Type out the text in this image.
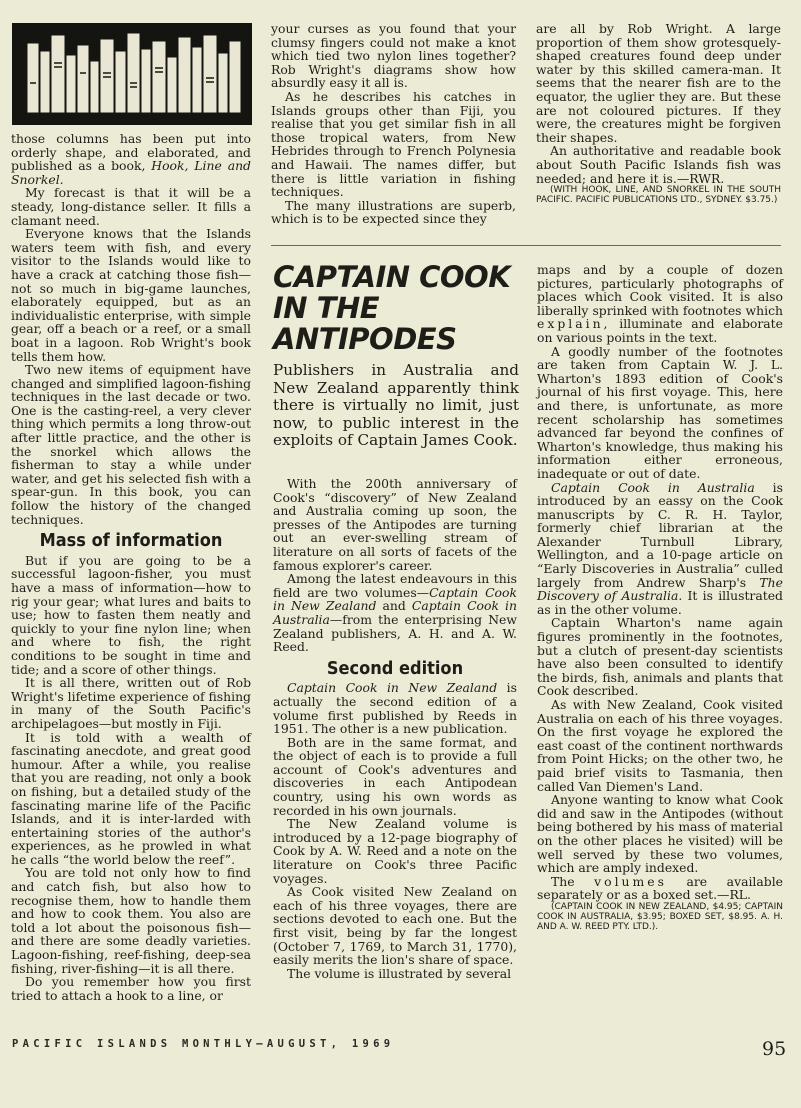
those columns has been put into orderly shape, and elaborated, and published as a book, Hook, Line and Snorkel.

My forecast is that it will be a steady, long-distance seller. It fills a clamant need.

Everyone knows that the Islands waters teem with fish, and every visitor to the Islands would like to have a crack at catching those fish—not so much in big-game launches, elaborately equipped, but as an individualistic enterprise, with simple gear, off a beach or a reef, or a small boat in a lagoon. Rob Wright's book tells them how.

Two new items of equipment have changed and simplified lagoon-fishing techniques in the last decade or two. One is the casting-reel, a very clever thing which permits a long throw-out after little practice, and the other is the snorkel which allows the fisherman to stay a while under water, and get his selected fish with a spear-gun. In this book, you can follow the history of the changed techniques.

Mass of information

But if you are going to be a successful lagoon-fisher, you must have a mass of information—how to rig your gear; what lures and baits to use; how to fasten them neatly and quickly to your fine nylon line; when and where to fish, the right conditions to be sought in time and tide; and a score of other things.

It is all there, written out of Rob Wright's lifetime experience of fishing in many of the South Pacific's archipelagoes—but mostly in Fiji.

It is told with a wealth of fascinating anecdote, and great good humour. After a while, you realise that you are reading, not only a book on fishing, but a detailed study of the fascinating marine life of the Pacific Islands, and it is inter-larded with entertaining stories of the author's experiences, as he prowled in what he calls “the world below the reef”.

You are told not only how to find and catch fish, but also how to recognise them, how to handle them and how to cook them. You also are told a lot about the poisonous fish—and there are some deadly varieties. Lagoon-fishing, reef-fishing, deep-sea fishing, river-fishing—it is all there.

Do you remember how you first tried to attach a hook to a line, or

your curses as you found that your clumsy fingers could not make a knot which tied two nylon lines together? Rob Wright's diagrams show how absurdly easy it all is.

As he describes his catches in Islands groups other than Fiji, you realise that you get similar fish in all those tropical waters, from New Hebrides through to French Polynesia and Hawaii. The names differ, but there is little variation in fishing techniques.

The many illustrations are superb, which is to be expected since they

are all by Rob Wright. A large proportion of them show grotesquely-shaped creatures found deep under water by this skilled camera-man. It seems that the nearer fish are to the equator, the uglier they are. But these are not coloured pictures. If they were, the creatures might be forgiven their shapes.

An authoritative and readable book about South Pacific Islands fish was needed; and here it is.—RWR.

(WITH HOOK, LINE, AND SNORKEL IN THE SOUTH PACIFIC. PACIFIC PUBLICATIONS LTD., SYDNEY. $3.75.)

CAPTAIN COOK
IN THE
ANTIPODES
Publishers in Australia and New Zealand apparently think there is virtually no limit, just now, to public interest in the exploits of Captain James Cook.

With the 200th anniversary of Cook's “discovery” of New Zealand and Australia coming up soon, the presses of the Antipodes are turning out an ever-swelling stream of literature on all sorts of facets of the famous explorer's career.

Among the latest endeavours in this field are two volumes—Captain Cook in New Zealand and Captain Cook in Australia—from the enterprising New Zealand publishers, A. H. and A. W. Reed.

Second edition

Captain Cook in New Zealand is actually the second edition of a volume first published by Reeds in 1951. The other is a new publication.

Both are in the same format, and the object of each is to provide a full account of Cook's adventures and discoveries in each Antipodean country, using his own words as recorded in his own journals.

The New Zealand volume is introduced by a 12-page biography of Cook by A. W. Reed and a note on the literature on Cook's three Pacific voyages.

As Cook visited New Zealand on each of his three voyages, there are sections devoted to each one. But the first visit, being by far the longest (October 7, 1769, to March 31, 1770), easily merits the lion's share of space.

The volume is illustrated by several

maps and by a couple of dozen pictures, particularly photographs of places which Cook visited. It is also liberally sprinked with footnotes which explain, illuminate and elaborate on various points in the text.

A goodly number of the footnotes are taken from Captain W. J. L. Wharton's 1893 edition of Cook's journal of his first voyage. This, here and there, is unfortunate, as more recent scholarship has sometimes advanced far beyond the confines of Wharton's knowledge, thus making his information either erroneous, inadequate or out of date.

Captain Cook in Australia is introduced by an eassy on the Cook manuscripts by C. R. H. Taylor, formerly chief librarian at the Alexander Turnbull Library, Wellington, and a 10-page article on “Early Discoveries in Australia” culled largely from Andrew Sharp's The Discovery of Australia. It is illustrated as in the other volume.

Captain Wharton's name again figures prominently in the footnotes, but a clutch of present-day scientists have also been consulted to identify the birds, fish, animals and plants that Cook described.

As with New Zealand, Cook visited Australia on each of his three voyages. On the first voyage he explored the east coast of the continent northwards from Point Hicks; on the other two, he paid brief visits to Tasmania, then called Van Diemen's Land.

Anyone wanting to know what Cook did and saw in the Antipodes (without being bothered by his mass of material on the other places he visited) will be well served by these two volumes, which are amply indexed.

The volumes are available separately or as a boxed set.—RL.

(CAPTAIN COOK IN NEW ZEALAND, $4.95; CAPTAIN COOK IN AUSTRALIA, $3.95; BOXED SET, $8.95. A. H. AND A. W. REED PTY. LTD.).

PACIFIC ISLANDS MONTHLY—AUGUST, 1969	95
